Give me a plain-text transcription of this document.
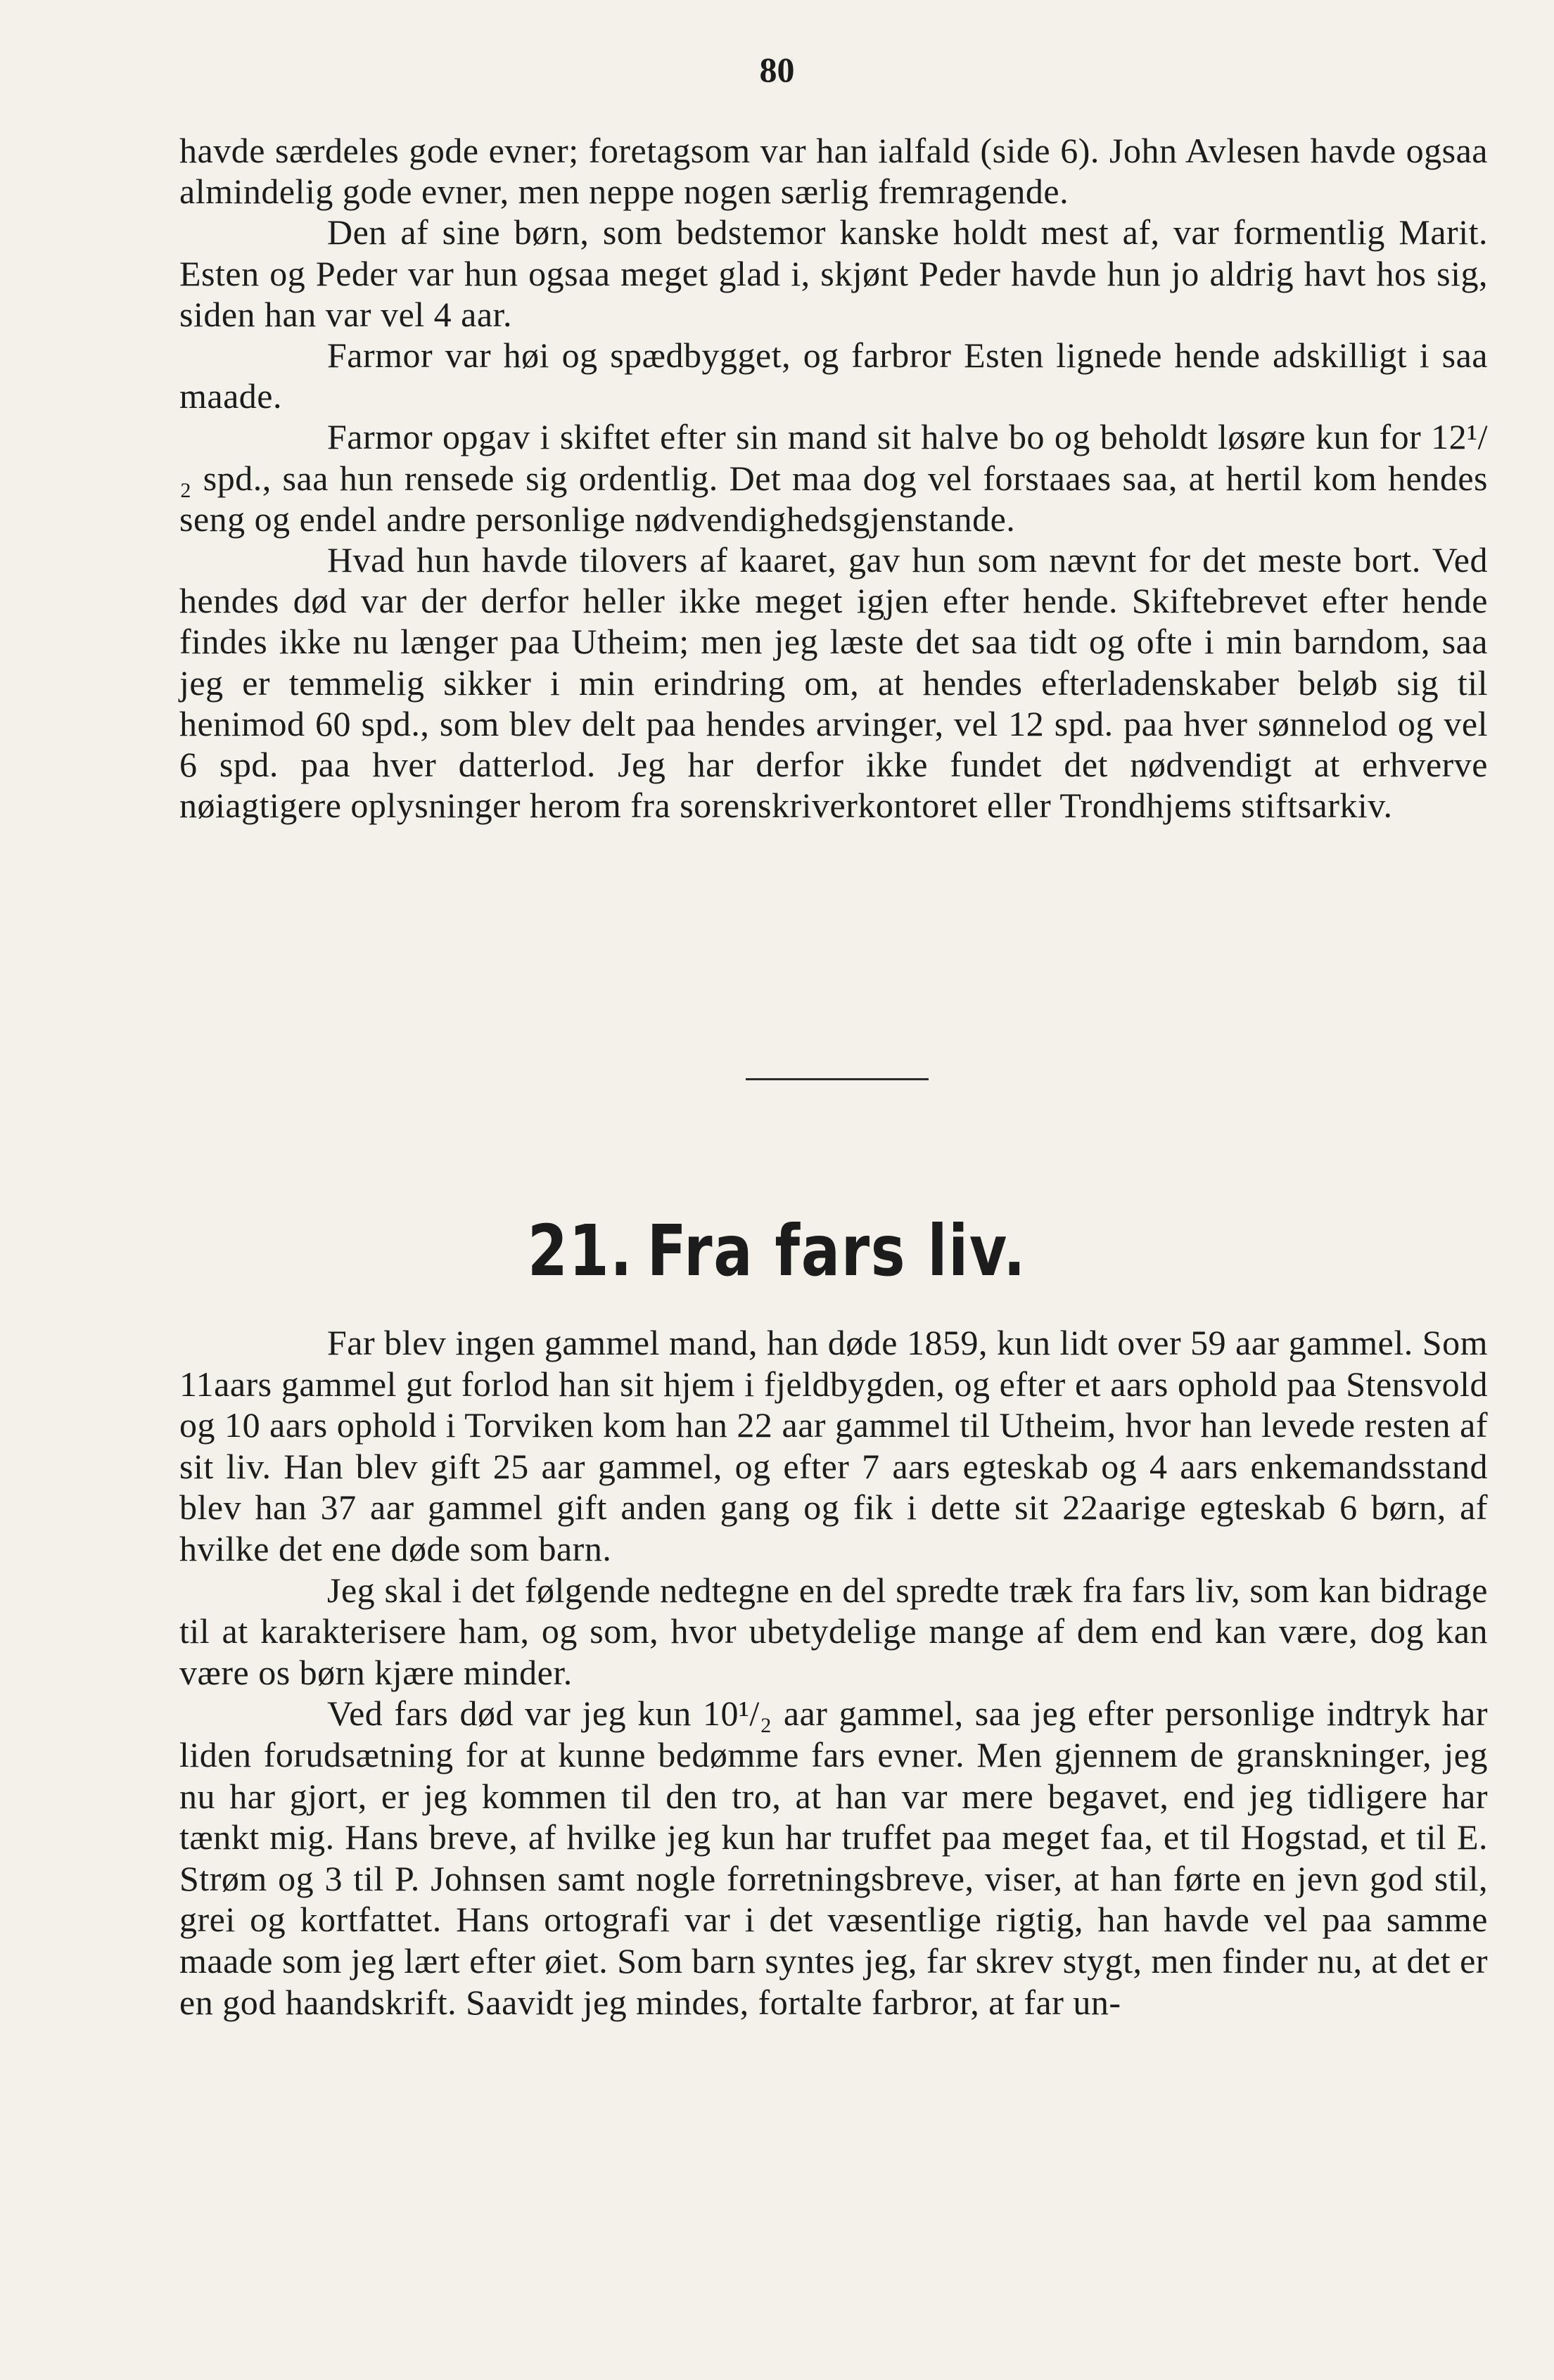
80

havde særdeles gode evner; foretagsom var han ialfald (side 6). John Avlesen havde ogsaa almindelig gode evner, men neppe nogen særlig fremragende.

Den af sine børn, som bedstemor kanske holdt mest af, var formentlig Marit. Esten og Peder var hun ogsaa meget glad i, skjønt Peder havde hun jo aldrig havt hos sig, siden han var vel 4 aar.

Farmor var høi og spædbygget, og farbror Esten lignede hende adskilligt i saa maade.

Farmor opgav i skiftet efter sin mand sit halve bo og beholdt løsøre kun for 12¹/₂ spd., saa hun rensede sig ordentlig. Det maa dog vel forstaaes saa, at hertil kom hendes seng og endel andre personlige nødvendighedsgjenstande.

Hvad hun havde tilovers af kaaret, gav hun som nævnt for det meste bort. Ved hendes død var der derfor heller ikke meget igjen efter hende. Skiftebrevet efter hende findes ikke nu længer paa Utheim; men jeg læste det saa tidt og ofte i min barndom, saa jeg er temmelig sikker i min erindring om, at hendes efterladenskaber beløb sig til henimod 60 spd., som blev delt paa hendes arvinger, vel 12 spd. paa hver sønnelod og vel 6 spd. paa hver datterlod. Jeg har derfor ikke fundet det nødvendigt at erhverve nøiagtigere oplysninger herom fra sorenskriverkontoret eller Trondhjems stiftsarkiv.

21. Fra fars liv.

Far blev ingen gammel mand, han døde 1859, kun lidt over 59 aar gammel. Som 11aars gammel gut forlod han sit hjem i fjeldbygden, og efter et aars ophold paa Stensvold og 10 aars ophold i Torviken kom han 22 aar gammel til Utheim, hvor han levede resten af sit liv. Han blev gift 25 aar gammel, og efter 7 aars egteskab og 4 aars enkemandsstand blev han 37 aar gammel gift anden gang og fik i dette sit 22aarige egteskab 6 børn, af hvilke det ene døde som barn.

Jeg skal i det følgende nedtegne en del spredte træk fra fars liv, som kan bidrage til at karakterisere ham, og som, hvor ubetydelige mange af dem end kan være, dog kan være os børn kjære minder.

Ved fars død var jeg kun 10¹/₂ aar gammel, saa jeg efter personlige indtryk har liden forudsætning for at kunne bedømme fars evner. Men gjennem de granskninger, jeg nu har gjort, er jeg kommen til den tro, at han var mere begavet, end jeg tidligere har tænkt mig. Hans breve, af hvilke jeg kun har truffet paa meget faa, et til Hogstad, et til E. Strøm og 3 til P. Johnsen samt nogle forretningsbreve, viser, at han førte en jevn god stil, grei og kortfattet. Hans ortografi var i det væsentlige rigtig, han havde vel paa samme maade som jeg lært efter øiet. Som barn syntes jeg, far skrev stygt, men finder nu, at det er en god haandskrift. Saavidt jeg mindes, fortalte farbror, at far un-
